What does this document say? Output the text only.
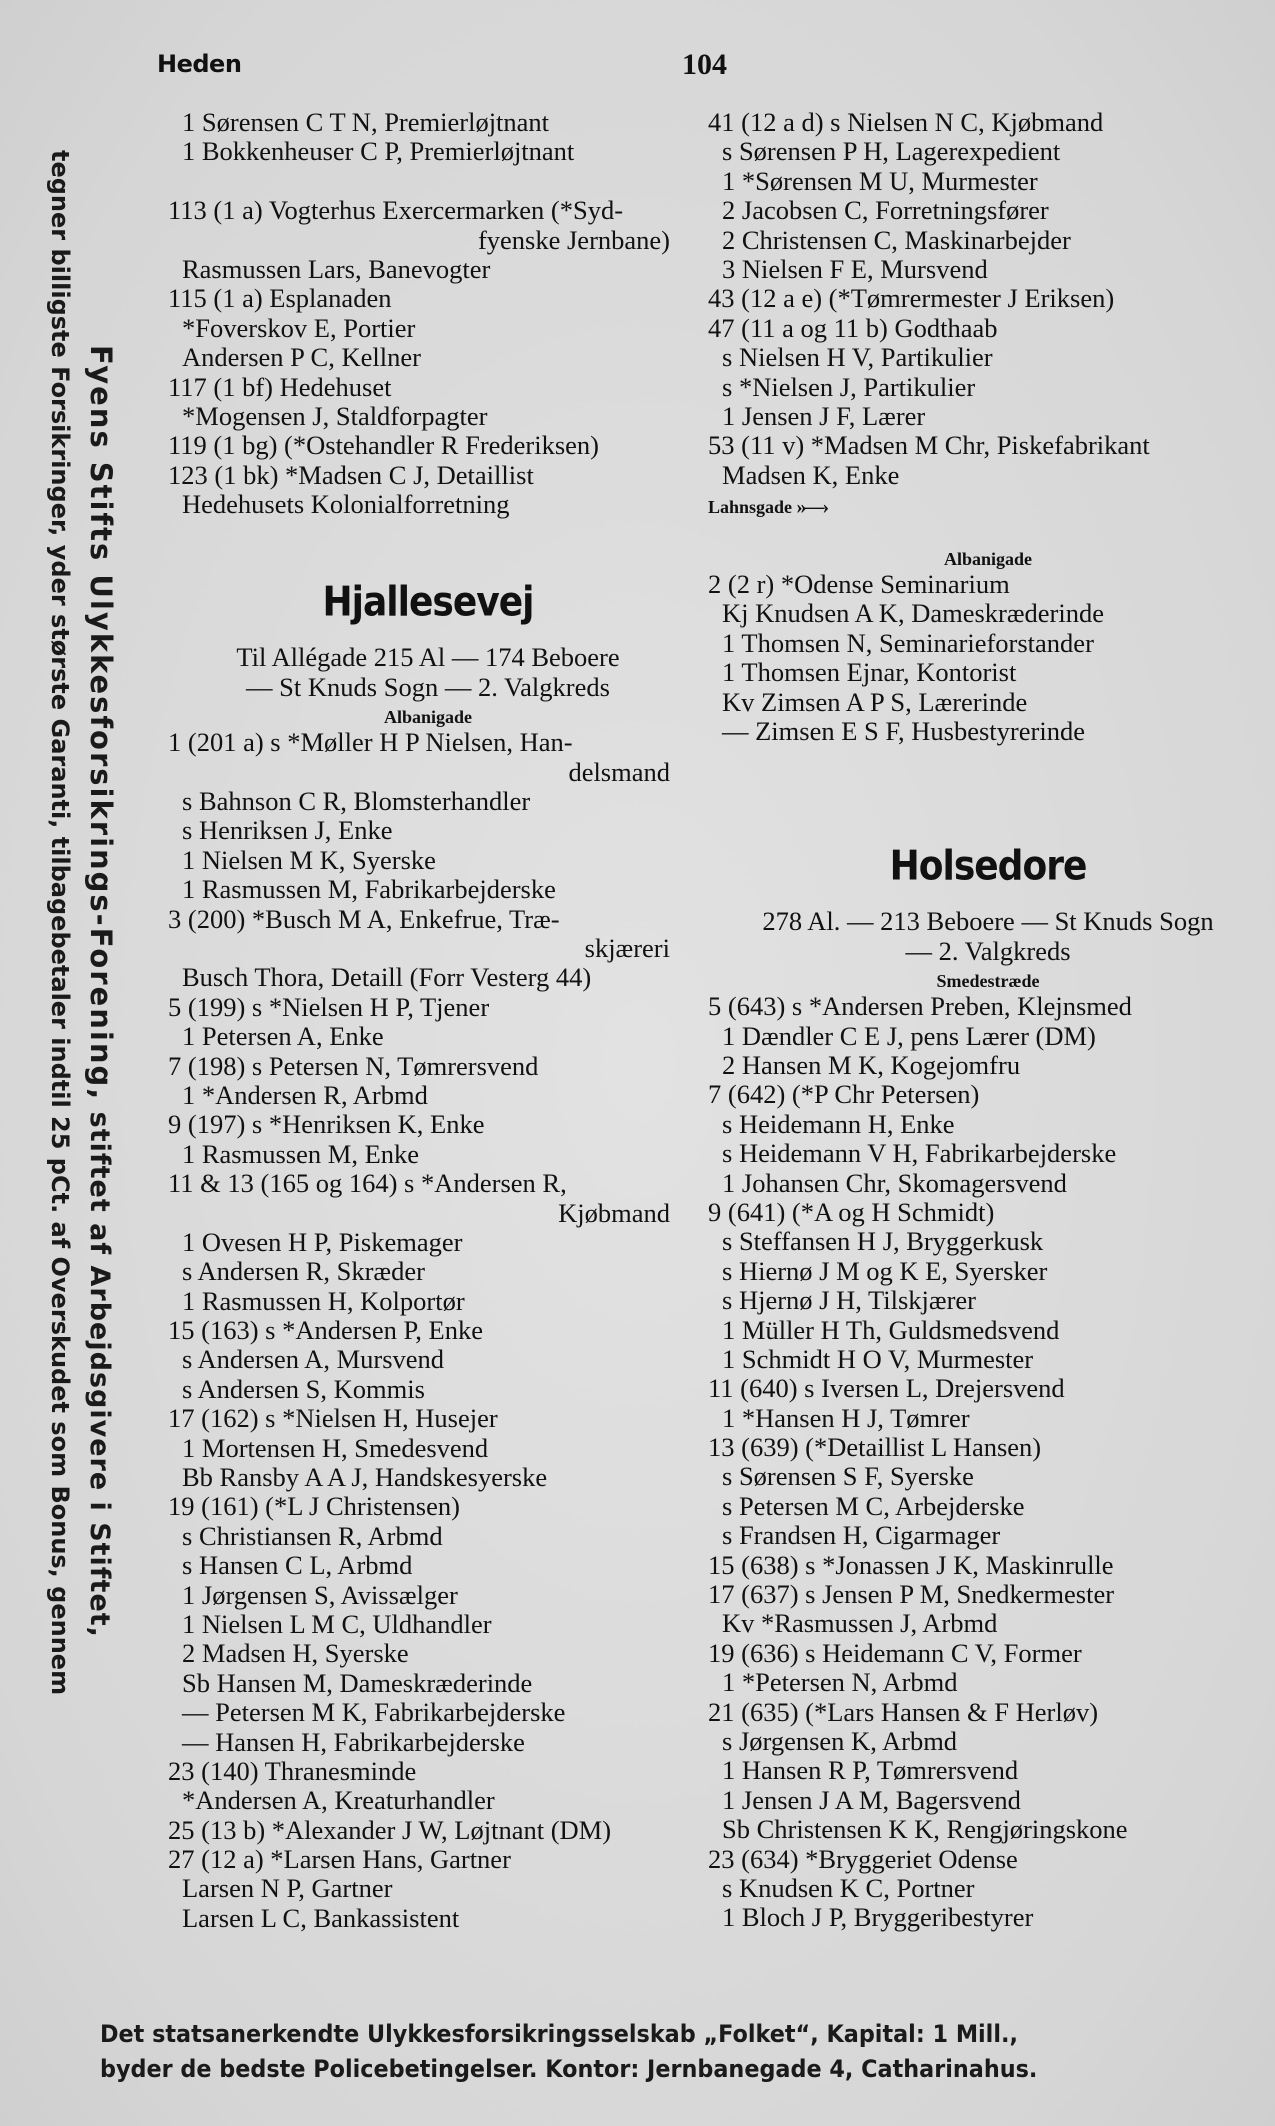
Fyens Stifts Ulykkesforsikrings-Forening, stiftet af Arbejdsgivere i Stiftet,
tegner billigste Forsikringer, yder største Garanti, tilbagebetaler indtil 25 pCt. af Overskudet som Bonus, gennem
Heden	104
1 Sørensen C T N, Premierløjtnant
1 Bokkenheuser C P, Premierløjtnant
113 (1 a) Vogterhus Exercermarken (*Syd-
fyenske Jernbane)
Rasmussen Lars, Banevogter
115 (1 a) Esplanaden
*Foverskov E, Portier
Andersen P C, Kellner
117 (1 bf) Hedehuset
*Mogensen J, Staldforpagter
119 (1 bg) (*Ostehandler R Frederiksen)
123 (1 bk) *Madsen C J, Detaillist
Hedehusets Kolonialforretning
Hjallesevej
Til Allégade 215 Al — 174 Beboere
— St Knuds Sogn — 2. Valgkreds
Albanigade
1 (201 a) s *Møller H P Nielsen, Han-
delsmand
s Bahnson C R, Blomsterhandler
s Henriksen J, Enke
1 Nielsen M K, Syerske
1 Rasmussen M, Fabrikarbejderske
3 (200) *Busch M A, Enkefrue, Træ-
skjæreri
Busch Thora, Detaill (Forr Vesterg 44)
5 (199) s *Nielsen H P, Tjener
1 Petersen A, Enke
7 (198) s Petersen N, Tømrersvend
1 *Andersen R, Arbmd
9 (197) s *Henriksen K, Enke
1 Rasmussen M, Enke
11 & 13 (165 og 164) s *Andersen R,
Kjøbmand
1 Ovesen H P, Piskemager
s Andersen R, Skræder
1 Rasmussen H, Kolportør
15 (163) s *Andersen P, Enke
s Andersen A, Mursvend
s Andersen S, Kommis
17 (162) s *Nielsen H, Husejer
1 Mortensen H, Smedesvend
Bb Ransby A A J, Handskesyerske
19 (161) (*L J Christensen)
s Christiansen R, Arbmd
s Hansen C L, Arbmd
1 Jørgensen S, Avissælger
1 Nielsen L M C, Uldhandler
2 Madsen H, Syerske
Sb Hansen M, Dameskræderinde
— Petersen M K, Fabrikarbejderske
— Hansen H, Fabrikarbejderske
23 (140) Thranesminde
*Andersen A, Kreaturhandler
25 (13 b) *Alexander J W, Løjtnant (DM)
27 (12 a) *Larsen Hans, Gartner
Larsen N P, Gartner
Larsen L C, Bankassistent
41 (12 a d) s Nielsen N C, Kjøbmand
s Sørensen P H, Lagerexpedient
1 *Sørensen M U, Murmester
2 Jacobsen C, Forretningsfører
2 Christensen C, Maskinarbejder
3 Nielsen F E, Mursvend
43 (12 a e) (*Tømrermester J Eriksen)
47 (11 a og 11 b) Godthaab
s Nielsen H V, Partikulier
s *Nielsen J, Partikulier
1 Jensen J F, Lærer
53 (11 v) *Madsen M Chr, Piskefabrikant
Madsen K, Enke
Lahnsgade »—›
Albanigade
2 (2 r) *Odense Seminarium
Kj Knudsen A K, Dameskræderinde
1 Thomsen N, Seminarieforstander
1 Thomsen Ejnar, Kontorist
Kv Zimsen A P S, Lærerinde
— Zimsen E S F, Husbestyrerinde
Holsedore
278 Al. — 213 Beboere — St Knuds Sogn
— 2. Valgkreds
Smedestræde
5 (643) s *Andersen Preben, Klejnsmed
1 Dændler C E J, pens Lærer (DM)
2 Hansen M K, Kogejomfru
7 (642) (*P Chr Petersen)
s Heidemann H, Enke
s Heidemann V H, Fabrikarbejderske
1 Johansen Chr, Skomagersvend
9 (641) (*A og H Schmidt)
s Steffansen H J, Bryggerkusk
s Hiernø J M og K E, Syersker
s Hjernø J H, Tilskjærer
1 Müller H Th, Guldsmedsvend
1 Schmidt H O V, Murmester
11 (640) s Iversen L, Drejersvend
1 *Hansen H J, Tømrer
13 (639) (*Detaillist L Hansen)
s Sørensen S F, Syerske
s Petersen M C, Arbejderske
s Frandsen H, Cigarmager
15 (638) s *Jonassen J K, Maskinrulle
17 (637) s Jensen P M, Snedkermester
Kv *Rasmussen J, Arbmd
19 (636) s Heidemann C V, Former
1 *Petersen N, Arbmd
21 (635) (*Lars Hansen & F Herløv)
s Jørgensen K, Arbmd
1 Hansen R P, Tømrersvend
1 Jensen J A M, Bagersvend
Sb Christensen K K, Rengjøringskone
23 (634) *Bryggeriet Odense
s Knudsen K C, Portner
1 Bloch J P, Bryggeribestyrer
Det statsanerkendte Ulykkesforsikringsselskab „Folket“, Kapital: 1 Mill.,
byder de bedste Policebetingelser. Kontor: Jernbanegade 4, Catharinahus.
